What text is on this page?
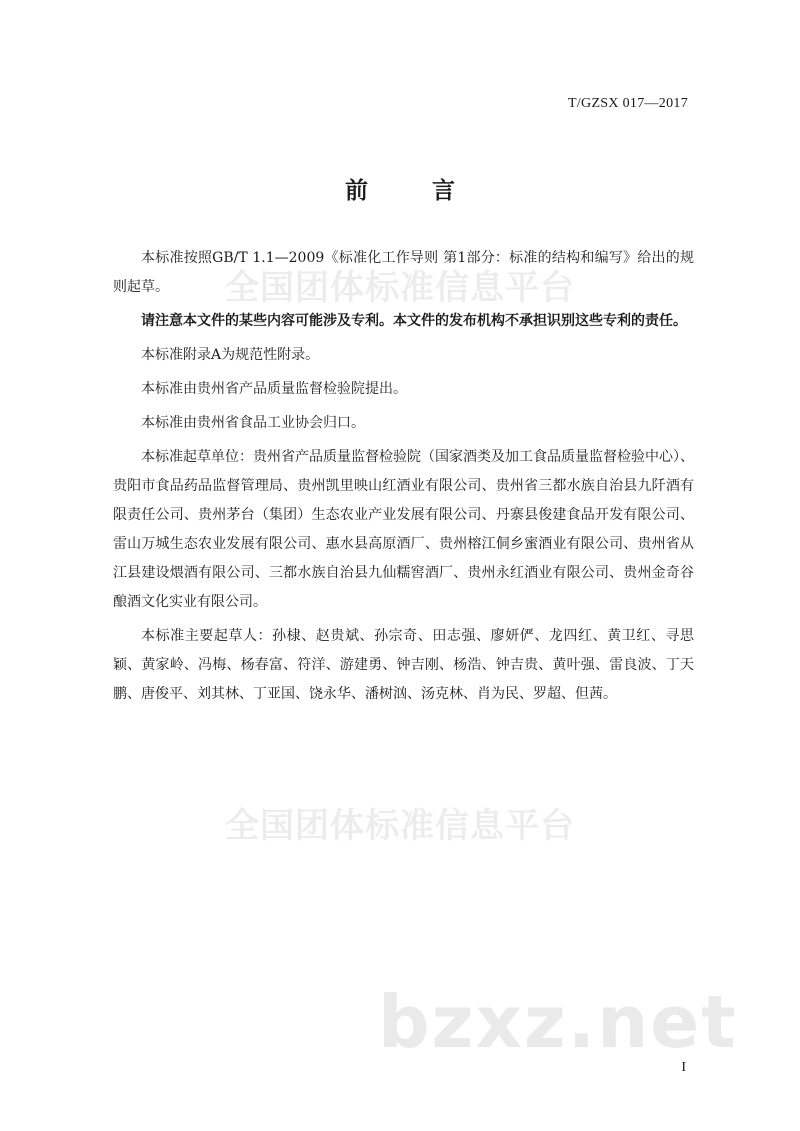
T/GZSX 017—2017
全国团体标准信息平台
前 言

本标准按照GB/T 1.1—2009《标准化工作导则 第1部分：标准的结构和编写》给出的规则起草。

请注意本文件的某些内容可能涉及专利。本文件的发布机构不承担识别这些专利的责任。

本标准附录A为规范性附录。

本标准由贵州省产品质量监督检验院提出。

本标准由贵州省食品工业协会归口。

本标准起草单位：贵州省产品质量监督检验院（国家酒类及加工食品质量监督检验中心）、贵阳市食品药品监督管理局、贵州凯里映山红酒业有限公司、贵州省三都水族自治县九阡酒有限责任公司、贵州茅台（集团）生态农业产业发展有限公司、丹寨县俊建食品开发有限公司、雷山万城生态农业发展有限公司、惠水县高原酒厂、贵州榕江侗乡蜜酒业有限公司、贵州省从江县建设煨酒有限公司、三都水族自治县九仙糯窖酒厂、贵州永红酒业有限公司、贵州金奇谷酿酒文化实业有限公司。

本标准主要起草人：孙棣、赵贵斌、孙宗奇、田志强、廖妍俨、龙四红、黄卫红、寻思颖、黄家岭、冯梅、杨春富、符洋、游建勇、钟吉刚、杨浩、钟吉贵、黄叶强、雷良波、丁天鹏、唐俊平、刘其林、丁亚国、饶永华、潘树汹、汤克林、肖为民、罗超、但茜。

全国团体标准信息平台
bzxz.net
I
